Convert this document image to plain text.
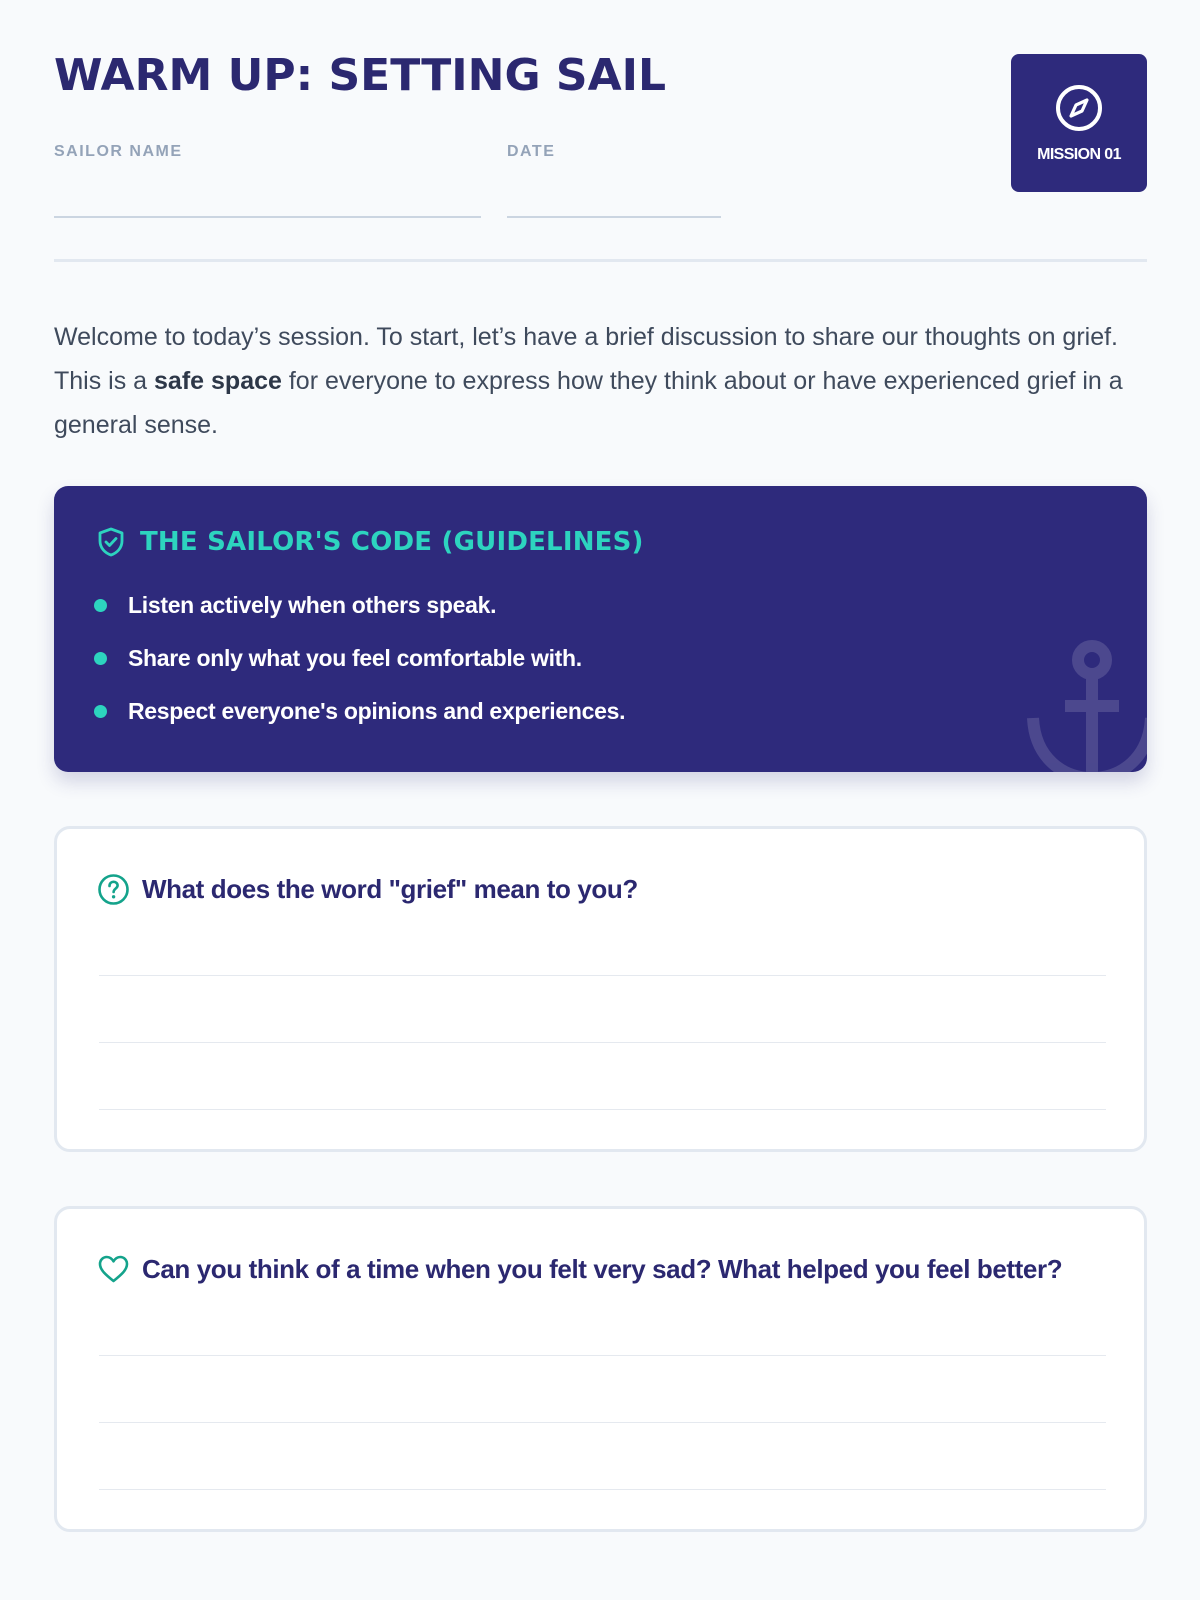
WARM UP: SETTING SAIL
SAILOR NAME	DATE	MISSION 01

Welcome to today’s session. To start, let’s have a brief discussion to share our thoughts on grief. This is a safe space for everyone to express how they think about or have experienced grief in a general sense.

THE SAILOR'S CODE (GUIDELINES)
Listen actively when others speak.
Share only what you feel comfortable with.
Respect everyone's opinions and experiences.
What does the word "grief" mean to you?
Can you think of a time when you felt very sad? What helped you feel better?
